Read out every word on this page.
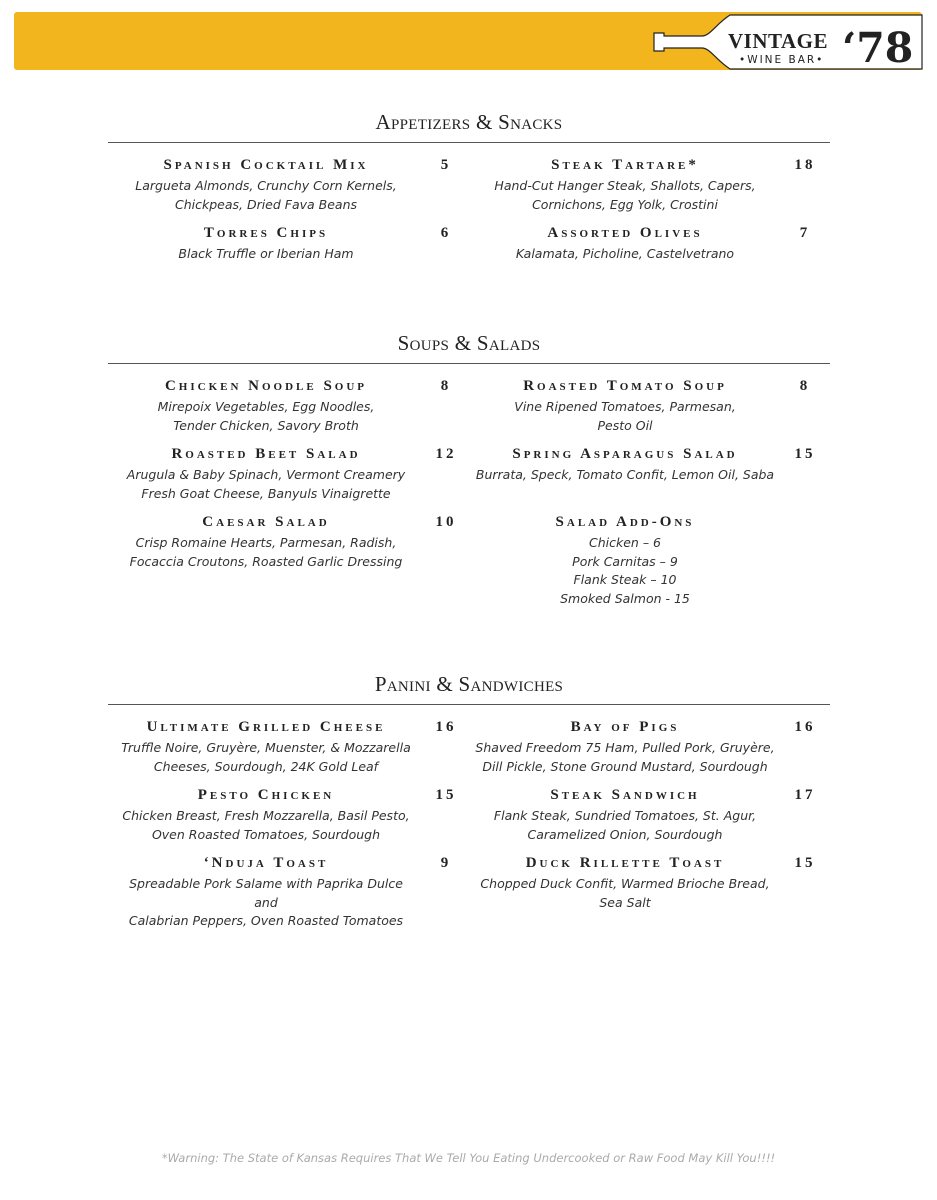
VINTAGE
•WINE BAR• ‘78
Appetizers & Snacks
Spanish Cocktail Mix
Largueta Almonds, Crunchy Corn Kernels,
Chickpeas, Dried Fava Beans
5	Steak Tartare*
Hand-Cut Hanger Steak, Shallots, Capers,
Cornichons, Egg Yolk, Crostini
18
Torres Chips
Black Truffle or Iberian Ham
6	Assorted Olives
Kalamata, Picholine, Castelvetrano
7
Soups & Salads
Chicken Noodle Soup
Mirepoix Vegetables, Egg Noodles,
Tender Chicken, Savory Broth
8	Roasted Tomato Soup
Vine Ripened Tomatoes, Parmesan,
Pesto Oil
8
Roasted Beet Salad
Arugula & Baby Spinach, Vermont Creamery
Fresh Goat Cheese, Banyuls Vinaigrette
12	Spring Asparagus Salad
Burrata, Speck, Tomato Confit, Lemon Oil, Saba
15
Caesar Salad
Crisp Romaine Hearts, Parmesan, Radish,
Focaccia Croutons, Roasted Garlic Dressing
10	Salad Add-Ons
Chicken – 6
Pork Carnitas – 9
Flank Steak – 10
Smoked Salmon - 15
Panini & Sandwiches
Ultimate Grilled Cheese
Truffle Noire, Gruyère, Muenster, & Mozzarella
Cheeses, Sourdough, 24K Gold Leaf
16	Bay of Pigs
Shaved Freedom 75 Ham, Pulled Pork, Gruyère,
Dill Pickle, Stone Ground Mustard, Sourdough
16
Pesto Chicken
Chicken Breast, Fresh Mozzarella, Basil Pesto,
Oven Roasted Tomatoes, Sourdough
15	Steak Sandwich
Flank Steak, Sundried Tomatoes, St. Agur,
Caramelized Onion, Sourdough
17
‘Nduja Toast
Spreadable Pork Salame with Paprika Dulce and
Calabrian Peppers, Oven Roasted Tomatoes
9	Duck Rillette Toast
Chopped Duck Confit, Warmed Brioche Bread,
Sea Salt
15
*Warning: The State of Kansas Requires That We Tell You Eating Undercooked or Raw Food May Kill You!!!!
